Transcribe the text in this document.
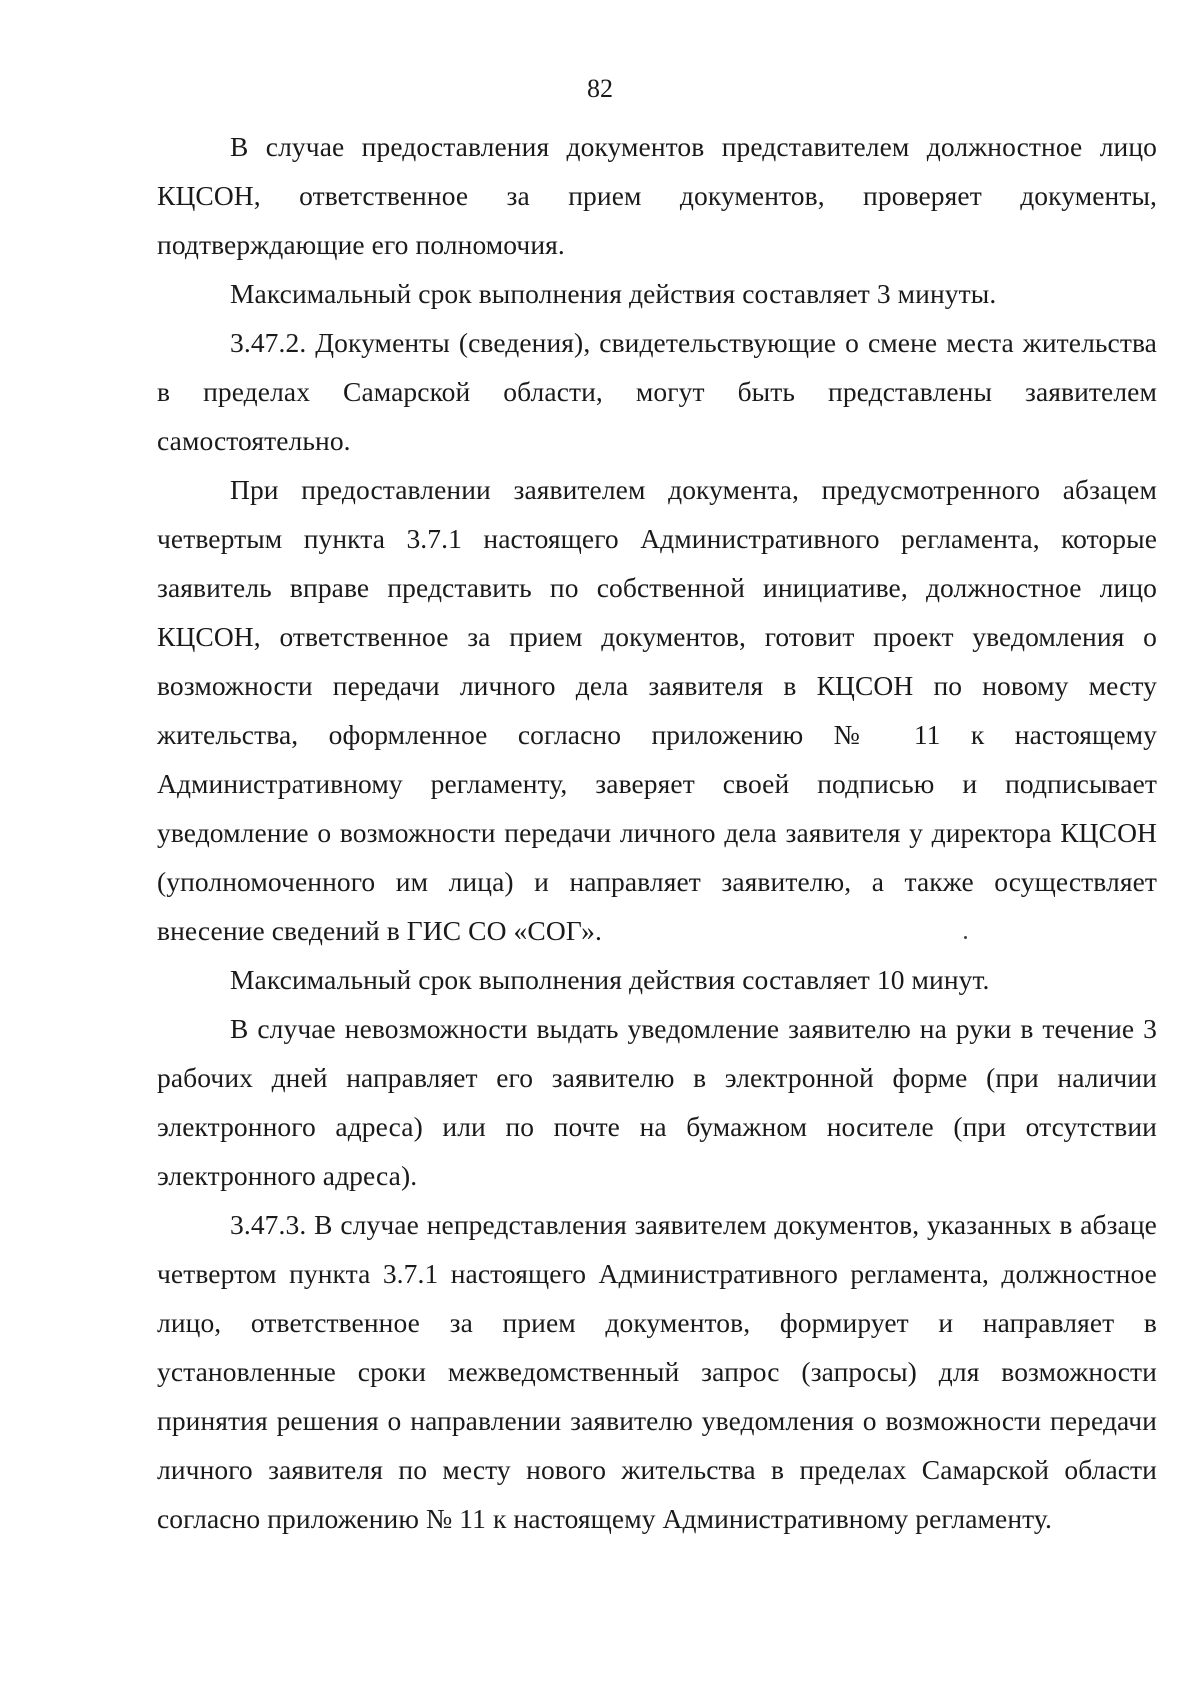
82

В случае предоставления документов представителем должностное лицо КЦСОН, ответственное за прием документов, проверяет документы, подтверждающие его полномочия.

Максимальный срок выполнения действия составляет 3 минуты.

3.47.2. Документы (сведения), свидетельствующие о смене места жительства в пределах Самарской области, могут быть представлены заявителем самостоятельно.

При предоставлении заявителем документа, предусмотренного абзацем четвертым пункта 3.7.1 настоящего Административного регламента, которые заявитель вправе представить по собственной инициативе, должностное лицо КЦСОН, ответственное за прием документов, готовит проект уведомления о возможности передачи личного дела заявителя в КЦСОН по новому месту жительства, оформленное согласно приложению № 11 к настоящему Административному регламенту, заверяет своей подписью и подписывает уведомление о возможности передачи личного дела заявителя у директора КЦСОН (уполномоченного им лица) и направляет заявителю, а также осуществляет внесение сведений в ГИС СО «СОГ».

Максимальный срок выполнения действия составляет 10 минут.

В случае невозможности выдать уведомление заявителю на руки в течение 3 рабочих дней направляет его заявителю в электронной форме (при наличии электронного адреса) или по почте на бумажном носителе (при отсутствии электронного адреса).

3.47.3. В случае непредставления заявителем документов, указанных в абзаце четвертом пункта 3.7.1 настоящего Административного регламента, должностное лицо, ответственное за прием документов, формирует и направляет в установленные сроки межведомственный запрос (запросы) для возможности принятия решения о направлении заявителю уведомления о возможности передачи личного заявителя по месту нового жительства в пределах Самарской области согласно приложению № 11 к настоящему Административному регламенту.
